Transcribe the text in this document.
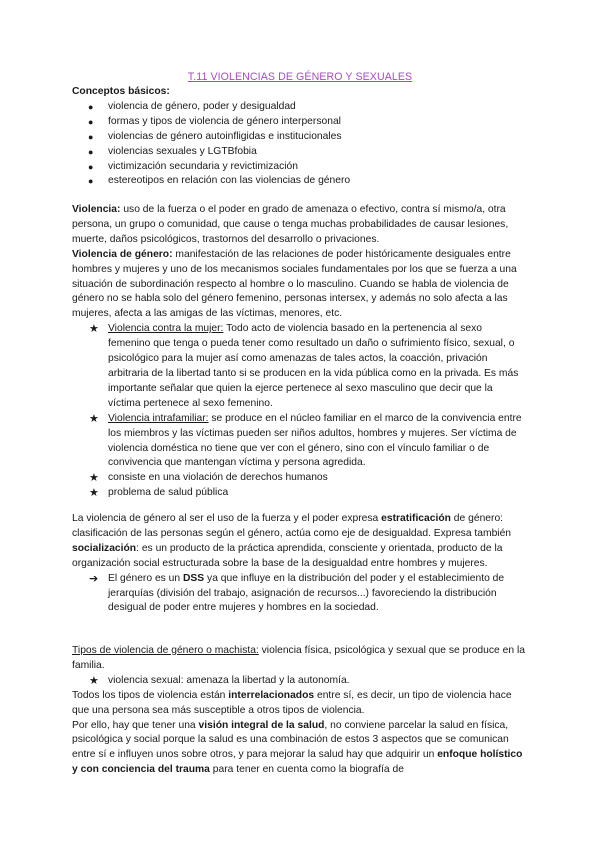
T.11 VIOLENCIAS DE GÉNERO Y SEXUALES

Conceptos básicos:

● violencia de género, poder y desigualdad
● formas y tipos de violencia de género interpersonal
● violencias de género autoinfligidas e institucionales
● violencias sexuales y LGTBfobia
● victimización secundaria y revictimización
● estereotipos en relación con las violencias de género

Violencia: uso de la fuerza o el poder en grado de amenaza o efectivo, contra sí mismo/a, otra persona, un grupo o comunidad, que cause o tenga muchas probabilidades de causar lesiones, muerte, daños psicológicos, trastornos del desarrollo o privaciones.

Violencia de género: manifestación de las relaciones de poder históricamente desiguales entre hombres y mujeres y uno de los mecanismos sociales fundamentales por los que se fuerza a una situación de subordinación respecto al hombre o lo masculino. Cuando se habla de violencia de género no se habla solo del género femenino, personas intersex, y además no solo afecta a las mujeres, afecta a las amigas de las víctimas, menores, etc.

★ Violencia contra la mujer: Todo acto de violencia basado en la pertenencia al sexo femenino que tenga o pueda tener como resultado un daño o sufrimiento físico, sexual, o psicológico para la mujer así como amenazas de tales actos, la coacción, privación arbitraria de la libertad tanto si se producen en la vida pública como en la privada. Es más importante señalar que quien la ejerce pertenece al sexo masculino que decir que la víctima pertenece al sexo femenino.
★ Violencia intrafamiliar: se produce en el núcleo familiar en el marco de la convivencia entre los miembros y las víctimas pueden ser niños adultos, hombres y mujeres. Ser víctima de violencia doméstica no tiene que ver con el género, sino con el vínculo familiar o de convivencia que mantengan víctima y persona agredida.
★ consiste en una violación de derechos humanos
★ problema de salud pública

La violencia de género al ser el uso de la fuerza y el poder expresa estratificación de género: clasificación de las personas según el género, actúa como eje de desigualdad. Expresa también socialización: es un producto de la práctica aprendida, consciente y orientada, producto de la organización social estructurada sobre la base de la desigualdad entre hombres y mujeres.

➔ El género es un DSS ya que influye en la distribución del poder y el establecimiento de jerarquías (división del trabajo, asignación de recursos...) favoreciendo la distribución desigual de poder entre mujeres y hombres en la sociedad.

Tipos de violencia de género o machista: violencia física, psicológica y sexual que se produce en la familia.

★ violencia sexual: amenaza la libertad y la autonomía.

Todos los tipos de violencia están interrelacionados entre sí, es decir, un tipo de violencia hace que una persona sea más susceptible a otros tipos de violencia.

Por ello, hay que tener una visión integral de la salud, no conviene parcelar la salud en física, psicológica y social porque la salud es una combinación de estos 3 aspectos que se comunican entre sí e influyen unos sobre otros, y para mejorar la salud hay que adquirir un enfoque holístico y con conciencia del trauma para tener en cuenta como la biografía de
